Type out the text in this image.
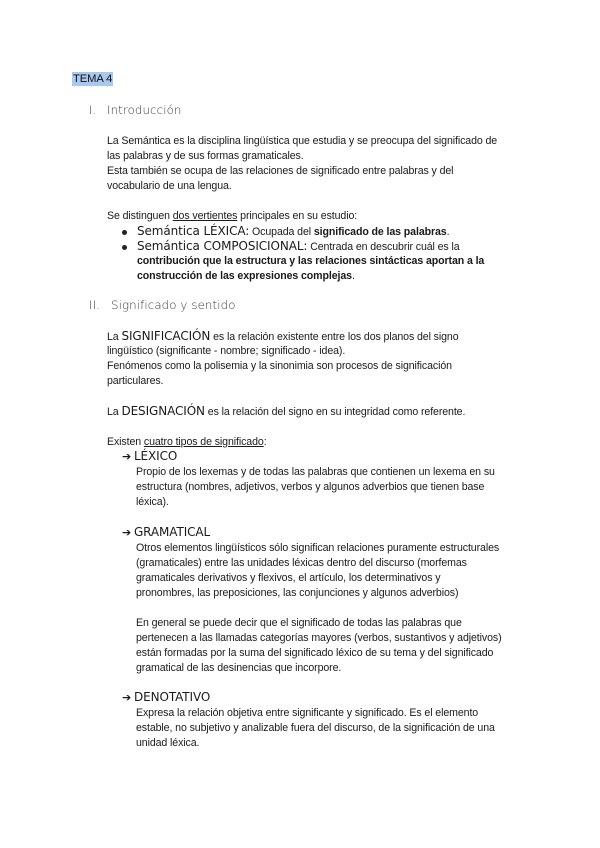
TEMA 4
I. Introducción
La Semántica es la disciplina lingüística que estudia y se preocupa del significado de
las palabras y de sus formas gramaticales.
Esta también se ocupa de las relaciones de significado entre palabras y del
vocabulario de una lengua.
Se distinguen dos vertientes principales en su estudio:
Semántica LÉXICA: Ocupada del significado de las palabras.
Semántica COMPOSICIONAL: Centrada en descubrir cuál es la
contribución que la estructura y las relaciones sintácticas aportan a la
construcción de las expresiones complejas.
II. Significado y sentido
La SIGNIFICACIÓN es la relación existente entre los dos planos del signo
lingüístico (significante - nombre; significado - idea).
Fenómenos como la polisemia y la sinonimia son procesos de significación
particulares.
La DESIGNACIÓN es la relación del signo en su integridad como referente.
Existen cuatro tipos de significado:
➔ LÉXICO
Propio de los lexemas y de todas las palabras que contienen un lexema en su
estructura (nombres, adjetivos, verbos y algunos adverbios que tienen base
léxica).
➔ GRAMATICAL
Otros elementos lingüísticos sólo significan relaciones puramente estructurales
(gramaticales) entre las unidades léxicas dentro del discurso (morfemas
gramaticales derivativos y flexivos, el artículo, los determinativos y
pronombres, las preposiciones, las conjunciones y algunos adverbios)
En general se puede decir que el significado de todas las palabras que
pertenecen a las llamadas categorías mayores (verbos, sustantivos y adjetivos)
están formadas por la suma del significado léxico de su tema y del significado
gramatical de las desinencias que incorpore.
➔ DENOTATIVO
Expresa la relación objetiva entre significante y significado. Es el elemento
estable, no subjetivo y analizable fuera del discurso, de la significación de una
unidad léxica.
